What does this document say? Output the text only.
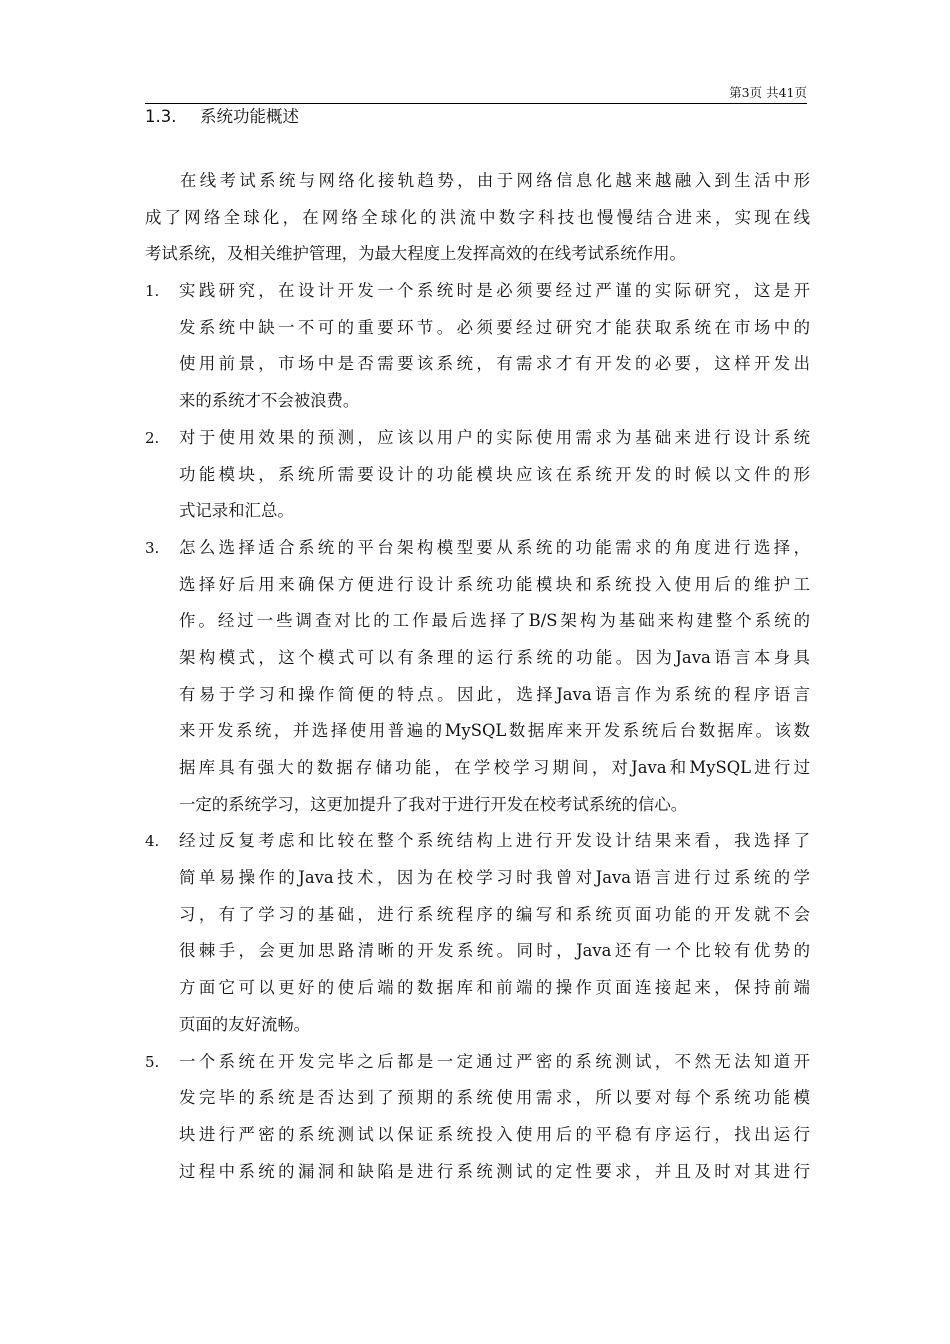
第3页 共41页
1.3. 系统功能概述
在线考试系统与网络化接轨趋势，由于网络信息化越来越融入到生活中形
成了网络全球化，在网络全球化的洪流中数字科技也慢慢结合进来，实现在线
考试系统，及相关维护管理，为最大程度上发挥高效的在线考试系统作用。
1.	实践研究，在设计开发一个系统时是必须要经过严谨的实际研究，这是开
发系统中缺一不可的重要环节。必须要经过研究才能获取系统在市场中的
使用前景，市场中是否需要该系统，有需求才有开发的必要，这样开发出
来的系统才不会被浪费。
2.	对于使用效果的预测，应该以用户的实际使用需求为基础来进行设计系统
功能模块，系统所需要设计的功能模块应该在系统开发的时候以文件的形
式记录和汇总。
3.	怎么选择适合系统的平台架构模型要从系统的功能需求的角度进行选择，
选择好后用来确保方便进行设计系统功能模块和系统投入使用后的维护工
作。经过一些调查对比的工作最后选择了B/S架构为基础来构建整个系统的
架构模式，这个模式可以有条理的运行系统的功能。因为Java语言本身具
有易于学习和操作简便的特点。因此，选择Java语言作为系统的程序语言
来开发系统，并选择使用普遍的MySQL数据库来开发系统后台数据库。该数
据库具有强大的数据存储功能，在学校学习期间，对Java和MySQL进行过
一定的系统学习，这更加提升了我对于进行开发在校考试系统的信心。
4.	经过反复考虑和比较在整个系统结构上进行开发设计结果来看，我选择了
简单易操作的Java技术，因为在校学习时我曾对Java语言进行过系统的学
习，有了学习的基础，进行系统程序的编写和系统页面功能的开发就不会
很棘手，会更加思路清晰的开发系统。同时，Java还有一个比较有优势的
方面它可以更好的使后端的数据库和前端的操作页面连接起来，保持前端
页面的友好流畅。
5.	一个系统在开发完毕之后都是一定通过严密的系统测试，不然无法知道开
发完毕的系统是否达到了预期的系统使用需求，所以要对每个系统功能模
块进行严密的系统测试以保证系统投入使用后的平稳有序运行，找出运行
过程中系统的漏洞和缺陷是进行系统测试的定性要求，并且及时对其进行
